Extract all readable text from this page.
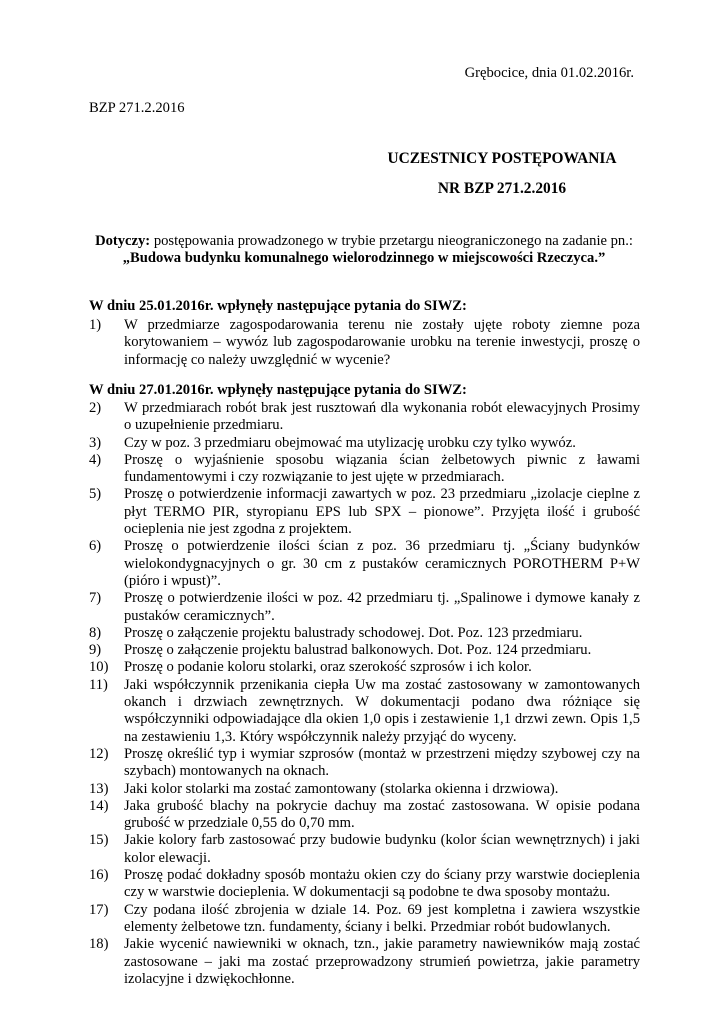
Grębocice, dnia 01.02.2016r.
BZP 271.2.2016
UCZESTNICY POSTĘPOWANIA
NR BZP 271.2.2016
Dotyczy: postępowania prowadzonego w trybie przetargu nieograniczonego na zadanie pn.:
„Budowa budynku komunalnego wielorodzinnego w miejscowości Rzeczyca.”
W dniu 25.01.2016r. wpłynęły następujące pytania do SIWZ:
1)	W przedmiarze zagospodarowania terenu nie zostały ujęte roboty ziemne poza korytowaniem – wywóz lub zagospodarowanie urobku na terenie inwestycji, proszę o informację co należy uwzględnić w wycenie?
W dniu 27.01.2016r. wpłynęły następujące pytania do SIWZ:
2)	W przedmiarach robót brak jest rusztowań dla wykonania robót elewacyjnych Prosimy o uzupełnienie przedmiaru.
3)	Czy w poz. 3 przedmiaru obejmować ma utylizację urobku czy tylko wywóz.
4)	Proszę o wyjaśnienie sposobu wiązania ścian żelbetowych piwnic z ławami fundamentowymi i czy rozwiązanie to jest ujęte w przedmiarach.
5)	Proszę o potwierdzenie informacji zawartych w poz. 23 przedmiaru „izolacje cieplne z płyt TERMO PIR, styropianu EPS lub SPX – pionowe”. Przyjęta ilość i grubość ocieplenia nie jest zgodna z projektem.
6)	Proszę o potwierdzenie ilości ścian z poz. 36 przedmiaru tj. „Ściany budynków wielokondygnacyjnych o gr. 30 cm z pustaków ceramicznych POROTHERM P+W (pióro i wpust)”.
7)	Proszę o potwierdzenie ilości w poz. 42 przedmiaru tj. „Spalinowe i dymowe kanały z pustaków ceramicznych”.
8)	Proszę o załączenie projektu balustrady schodowej. Dot. Poz. 123 przedmiaru.
9)	Proszę o załączenie projektu balustrad balkonowych. Dot. Poz. 124 przedmiaru.
10)	Proszę o podanie koloru stolarki, oraz szerokość szprosów i ich kolor.
11)	Jaki współczynnik przenikania ciepła Uw ma zostać zastosowany w zamontowanych okanch i drzwiach zewnętrznych. W dokumentacji podano dwa różniące się współczynniki odpowiadające dla okien 1,0 opis i zestawienie 1,1 drzwi zewn. Opis 1,5 na zestawieniu 1,3. Który współczynnik należy przyjąć do wyceny.
12)	Proszę określić typ i wymiar szprosów (montaż w przestrzeni między szybowej czy na szybach) montowanych na oknach.
13)	Jaki kolor stolarki ma zostać zamontowany (stolarka okienna i drzwiowa).
14)	Jaka grubość blachy na pokrycie dachuy ma zostać zastosowana. W opisie podana grubość w przedziale 0,55 do 0,70 mm.
15)	Jakie kolory farb zastosować przy budowie budynku (kolor ścian wewnętrznych) i jaki kolor elewacji.
16)	Proszę podać dokładny sposób montażu okien czy do ściany przy warstwie docieplenia czy w warstwie docieplenia. W dokumentacji są podobne te dwa sposoby montażu.
17)	Czy podana ilość zbrojenia w dziale 14. Poz. 69 jest kompletna i zawiera wszystkie elementy żelbetowe tzn. fundamenty, ściany i belki. Przedmiar robót budowlanych.
18)	Jakie wycenić nawiewniki w oknach, tzn., jakie parametry nawiewników mają zostać zastosowane – jaki ma zostać przeprowadzony strumień powietrza, jakie parametry izolacyjne i dzwiękochłonne.
